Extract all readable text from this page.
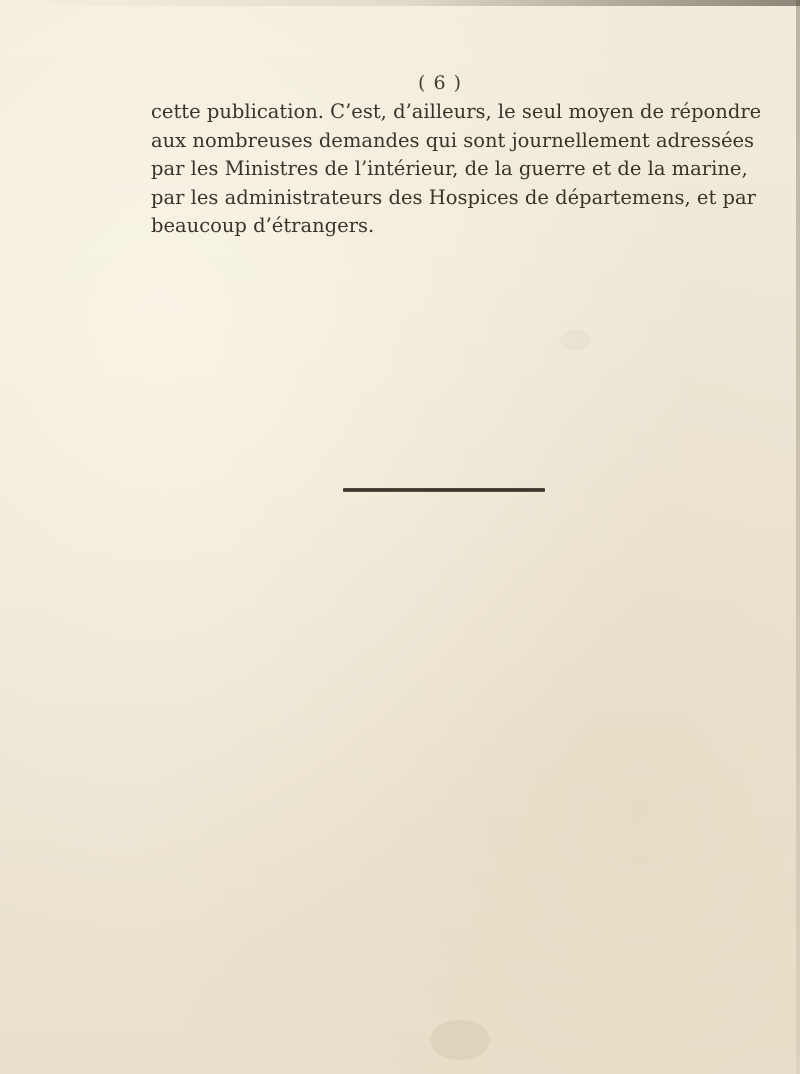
( 6 )

cette publication. C’est, d’ailleurs, le seul moyen de répondre
aux nombreuses demandes qui sont journellement adressées
par les Ministres de l’intérieur, de la guerre et de la marine,
par les administrateurs des Hospices de départemens, et par
beaucoup d’étrangers.
